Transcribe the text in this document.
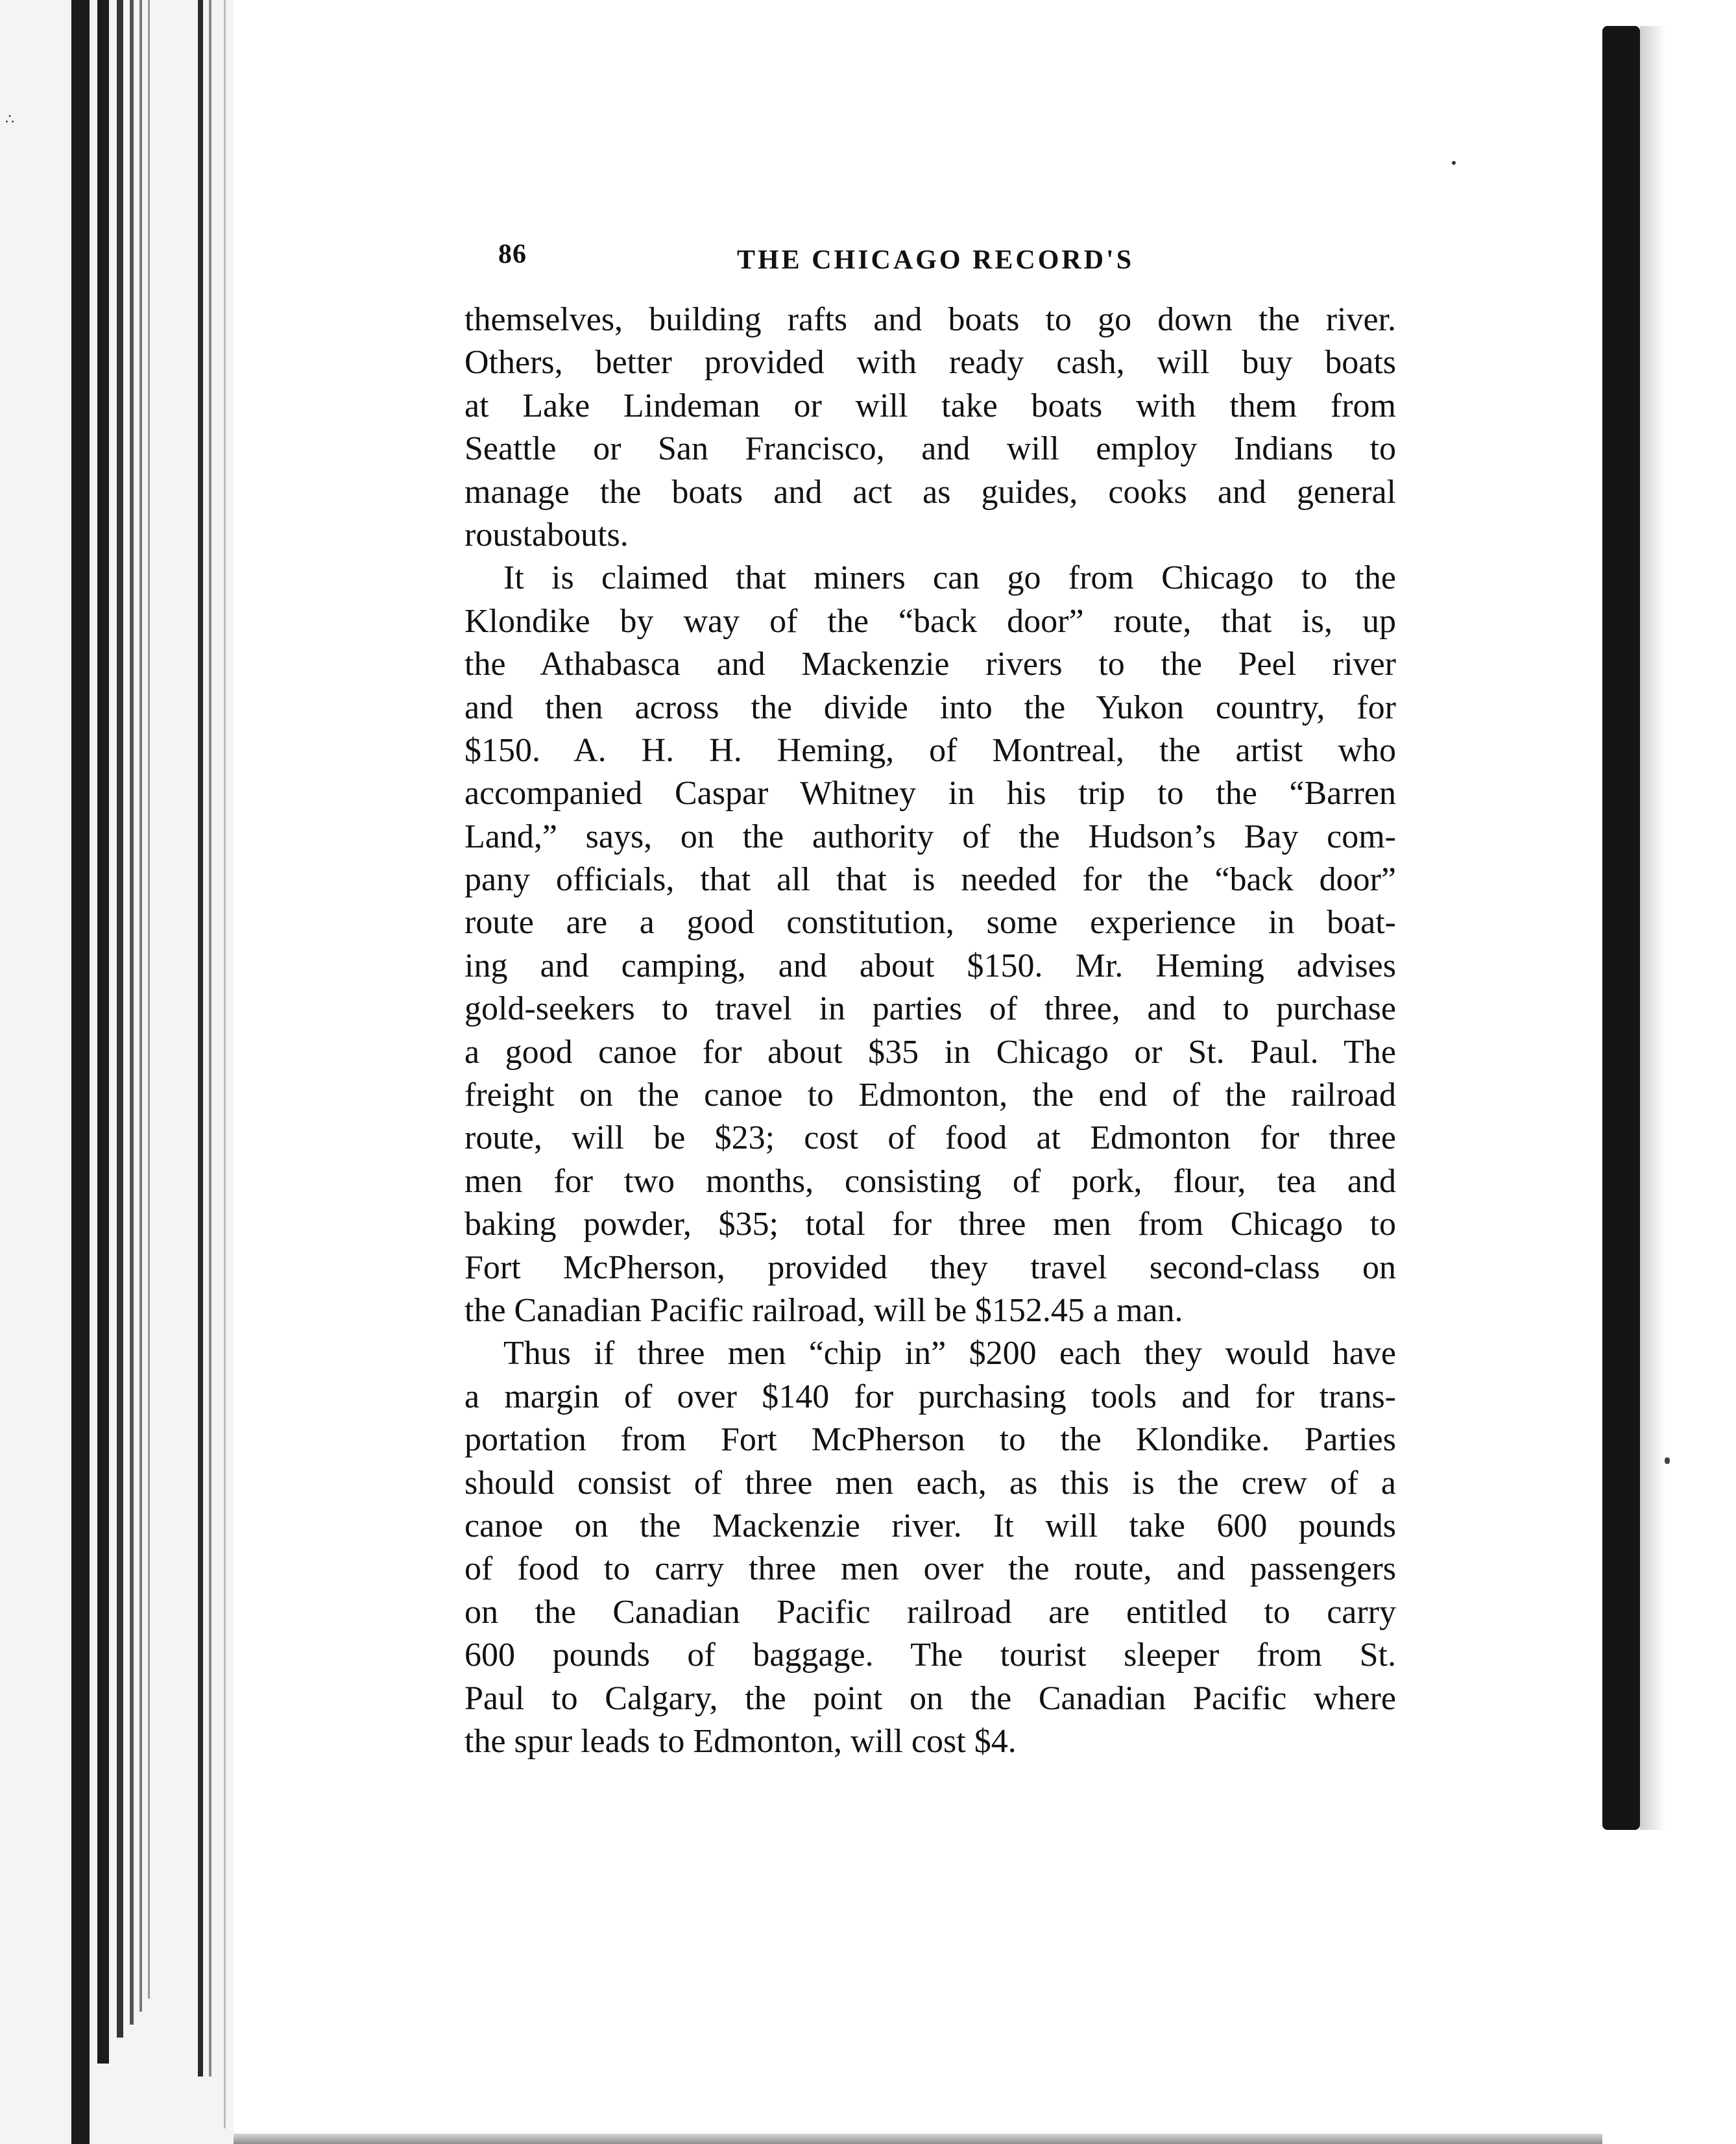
∴
86	THE CHICAGO RECORD'S
themselves, building rafts and boats to go down the river.
Others, better provided with ready cash, will buy boats
at Lake Lindeman or will take boats with them from
Seattle or San Francisco, and will employ Indians to
manage the boats and act as guides, cooks and general
roustabouts.
It is claimed that miners can go from Chicago to the
Klondike by way of the “back door” route, that is, up
the Athabasca and Mackenzie rivers to the Peel river
and then across the divide into the Yukon country, for
$150. A. H. H. Heming, of Montreal, the artist who
accompanied Caspar Whitney in his trip to the “Barren
Land,” says, on the authority of the Hudson’s Bay com-
pany officials, that all that is needed for the “back door”
route are a good constitution, some experience in boat-
ing and camping, and about $150. Mr. Heming advises
gold-seekers to travel in parties of three, and to purchase
a good canoe for about $35 in Chicago or St. Paul. The
freight on the canoe to Edmonton, the end of the railroad
route, will be $23; cost of food at Edmonton for three
men for two months, consisting of pork, flour, tea and
baking powder, $35; total for three men from Chicago to
Fort McPherson, provided they travel second-class on
the Canadian Pacific railroad, will be $152.45 a man.
Thus if three men “chip in” $200 each they would have
a margin of over $140 for purchasing tools and for trans-
portation from Fort McPherson to the Klondike. Parties
should consist of three men each, as this is the crew of a
canoe on the Mackenzie river. It will take 600 pounds
of food to carry three men over the route, and passengers
on the Canadian Pacific railroad are entitled to carry
600 pounds of baggage. The tourist sleeper from St.
Paul to Calgary, the point on the Canadian Pacific where
the spur leads to Edmonton, will cost $4.
